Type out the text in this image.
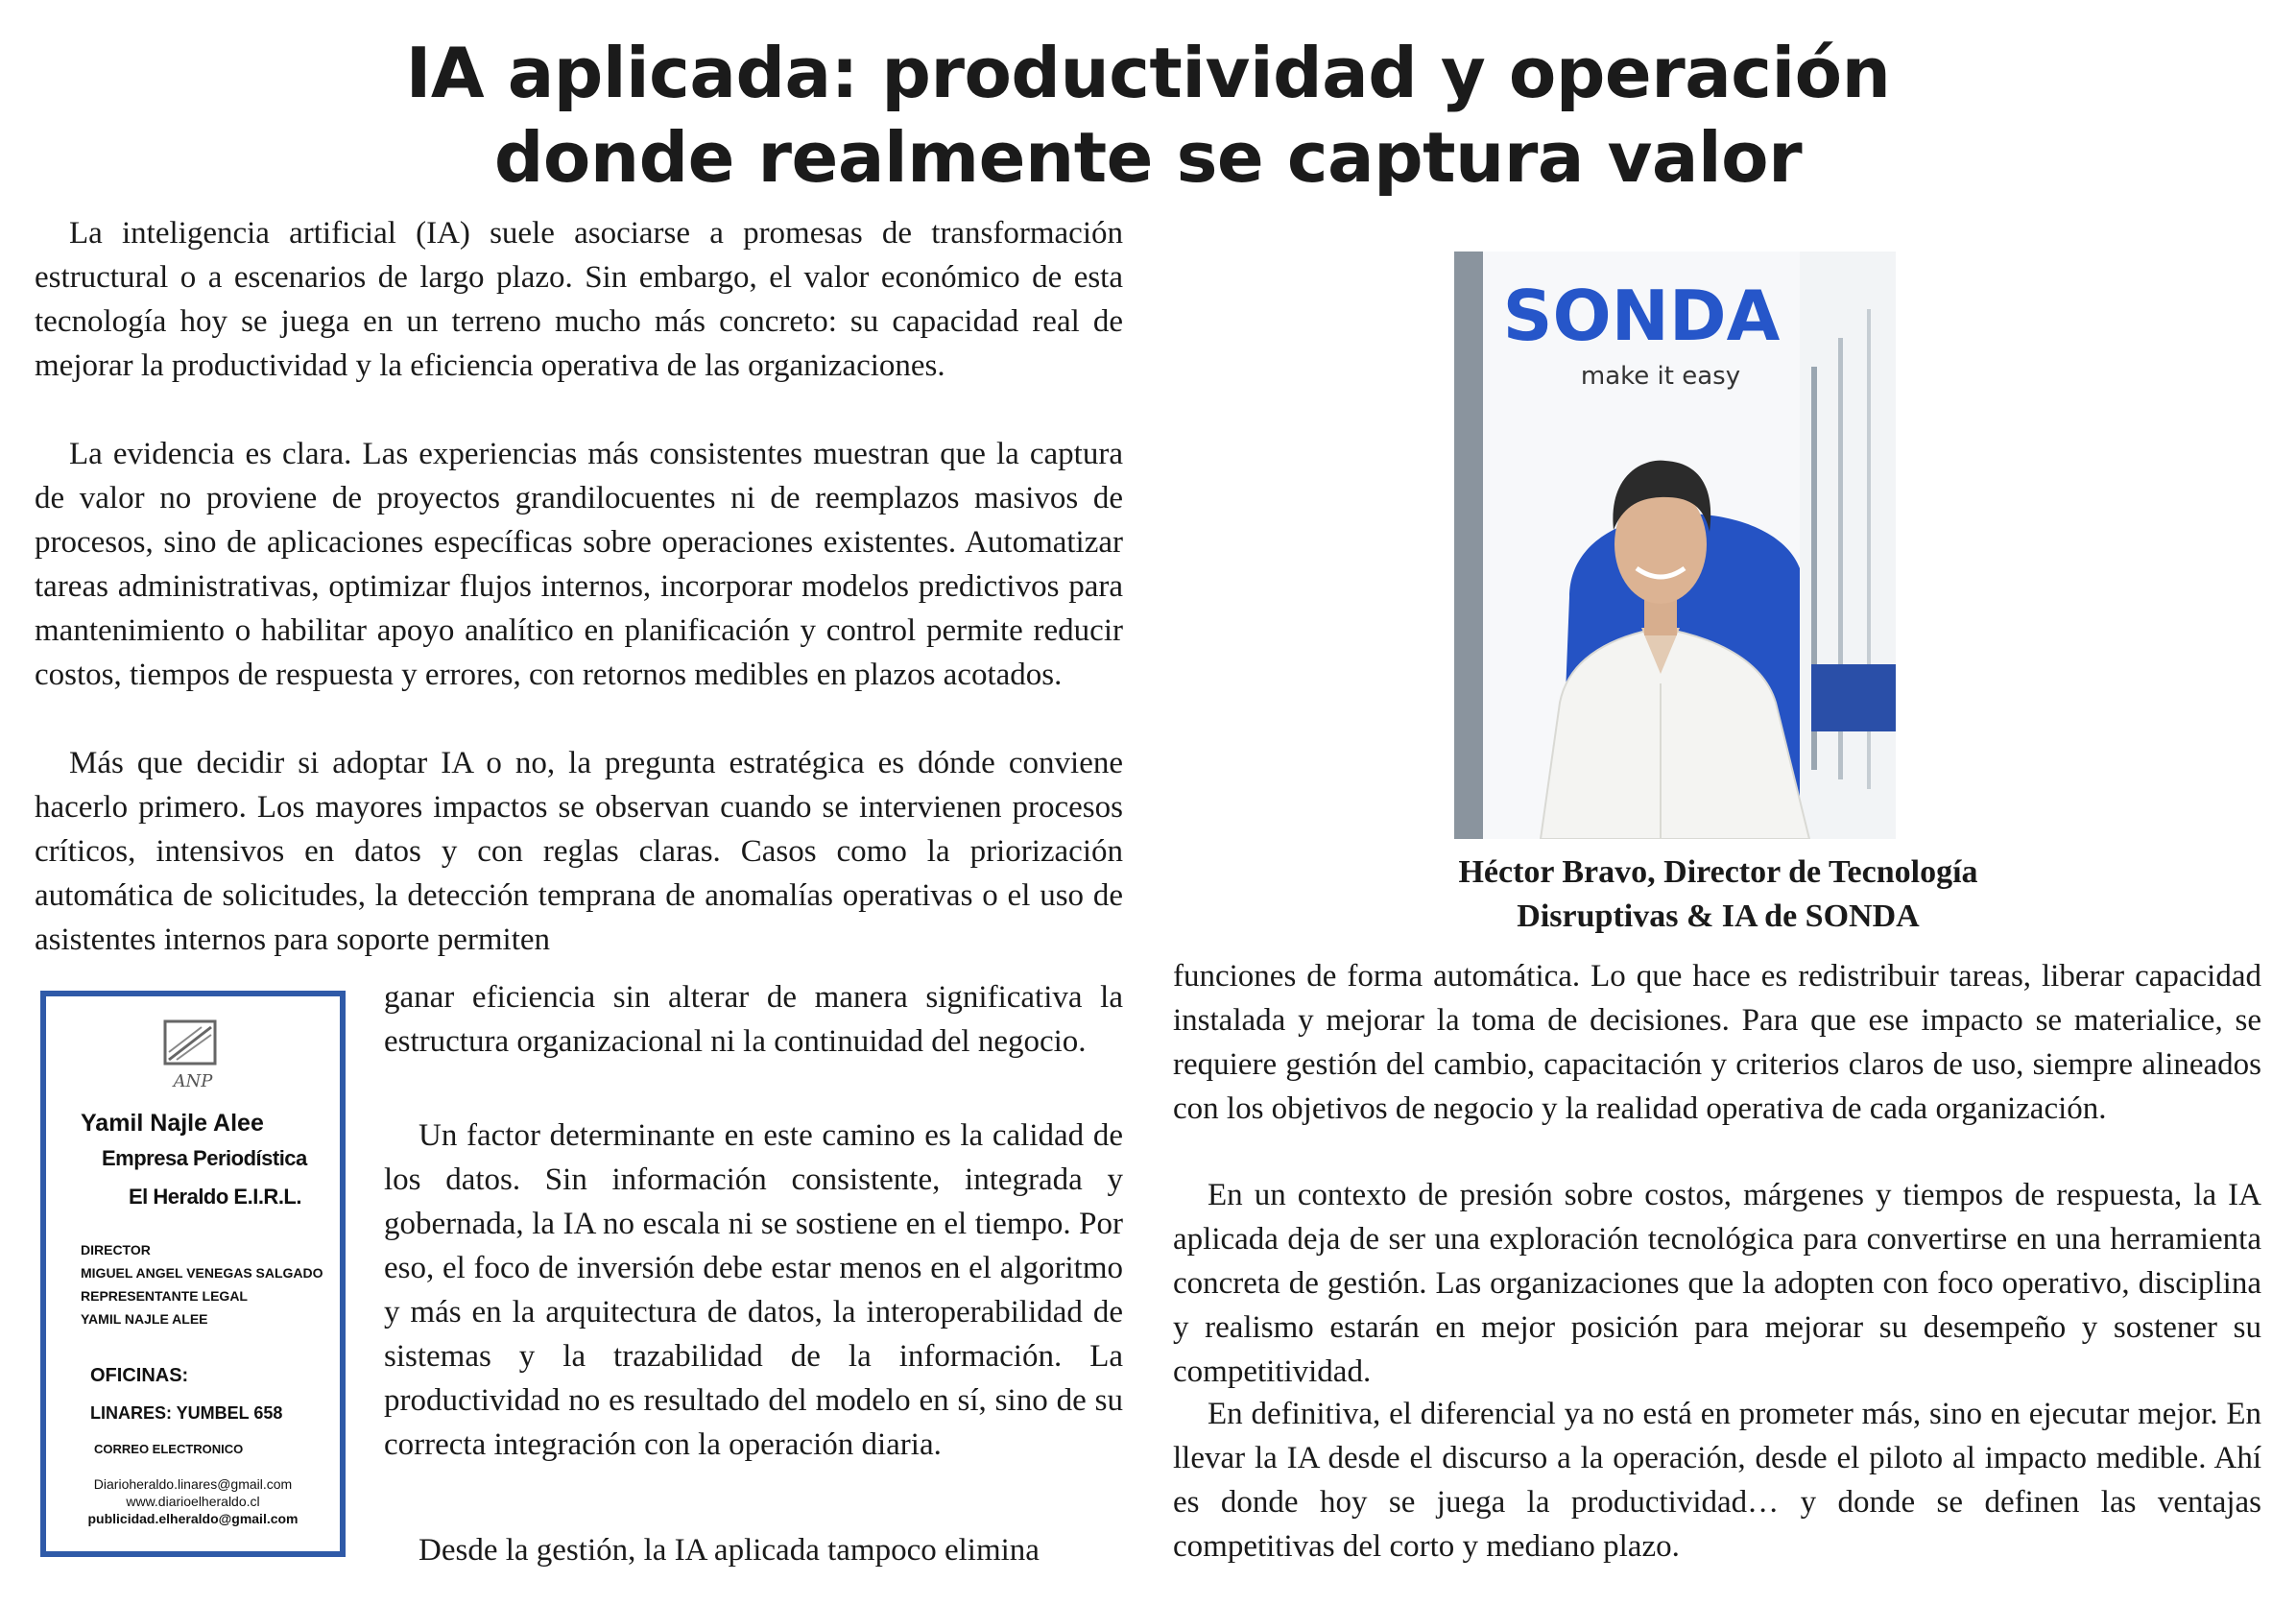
IA aplicada: productividad y operación
donde realmente se captura valor

La inteligencia artificial (IA) suele asociarse a promesas de transformación estructural o a escenarios de largo plazo. Sin embargo, el valor económico de esta tecnología hoy se juega en un terreno mucho más concreto: su capacidad real de mejorar la productividad y la eficiencia operativa de las organizaciones.

La evidencia es clara. Las experiencias más consistentes muestran que la captura de valor no proviene de proyectos grandilocuentes ni de reemplazos masivos de procesos, sino de aplicaciones específicas sobre operaciones existentes. Automatizar tareas administrativas, optimizar flujos internos, incorporar modelos predictivos para mantenimiento o habilitar apoyo analítico en planificación y control permite reducir costos, tiempos de respuesta y errores, con retornos medibles en plazos acotados.

Más que decidir si adoptar IA o no, la pregunta estratégica es dónde conviene hacerlo primero. Los mayores impactos se observan cuando se intervienen procesos críticos, intensivos en datos y con reglas claras. Casos como la priorización automática de solicitudes, la detección temprana de anomalías operativas o el uso de asistentes internos para soporte permiten

ganar eficiencia sin alterar de manera significativa la estructura organizacional ni la continuidad del negocio.

Un factor determinante en este camino es la calidad de los datos. Sin información consistente, integrada y gobernada, la IA no escala ni se sostiene en el tiempo. Por eso, el foco de inversión debe estar menos en el algoritmo y más en la arquitectura de datos, la interoperabilidad de sistemas y la trazabilidad de la información. La productividad no es resultado del modelo en sí, sino de su correcta integración con la operación diaria.

Desde la gestión, la IA aplicada tampoco elimina

funciones de forma automática. Lo que hace es redistribuir tareas, liberar capacidad instalada y mejorar la toma de decisiones. Para que ese impacto se materialice, se requiere gestión del cambio, capacitación y criterios claros de uso, siempre alineados con los objetivos de negocio y la realidad operativa de cada organización.

En un contexto de presión sobre costos, márgenes y tiempos de respuesta, la IA aplicada deja de ser una exploración tecnológica para convertirse en una herramienta concreta de gestión. Las organizaciones que la adopten con foco operativo, disciplina y realismo estarán en mejor posición para mejorar su desempeño y sostener su competitividad.

En definitiva, el diferencial ya no está en prometer más, sino en ejecutar mejor. En llevar la IA desde el discurso a la operación, desde el piloto al impacto medible. Ahí es donde hoy se juega la productividad… y donde se definen las ventajas competitivas del corto y mediano plazo.

SONDA
make it easy
Héctor Bravo, Director de Tecnología
Disruptivas & IA de SONDA
ANP
Yamil Najle Alee
Empresa Periodística
El Heraldo E.I.R.L.
DIRECTOR
MIGUEL ANGEL VENEGAS SALGADO
REPRESENTANTE LEGAL
YAMIL NAJLE ALEE
OFICINAS:
LINARES: YUMBEL 658
CORREO ELECTRONICO
Diarioheraldo.linares@gmail.com
www.diarioelheraldo.cl
publicidad.elheraldo@gmail.com
